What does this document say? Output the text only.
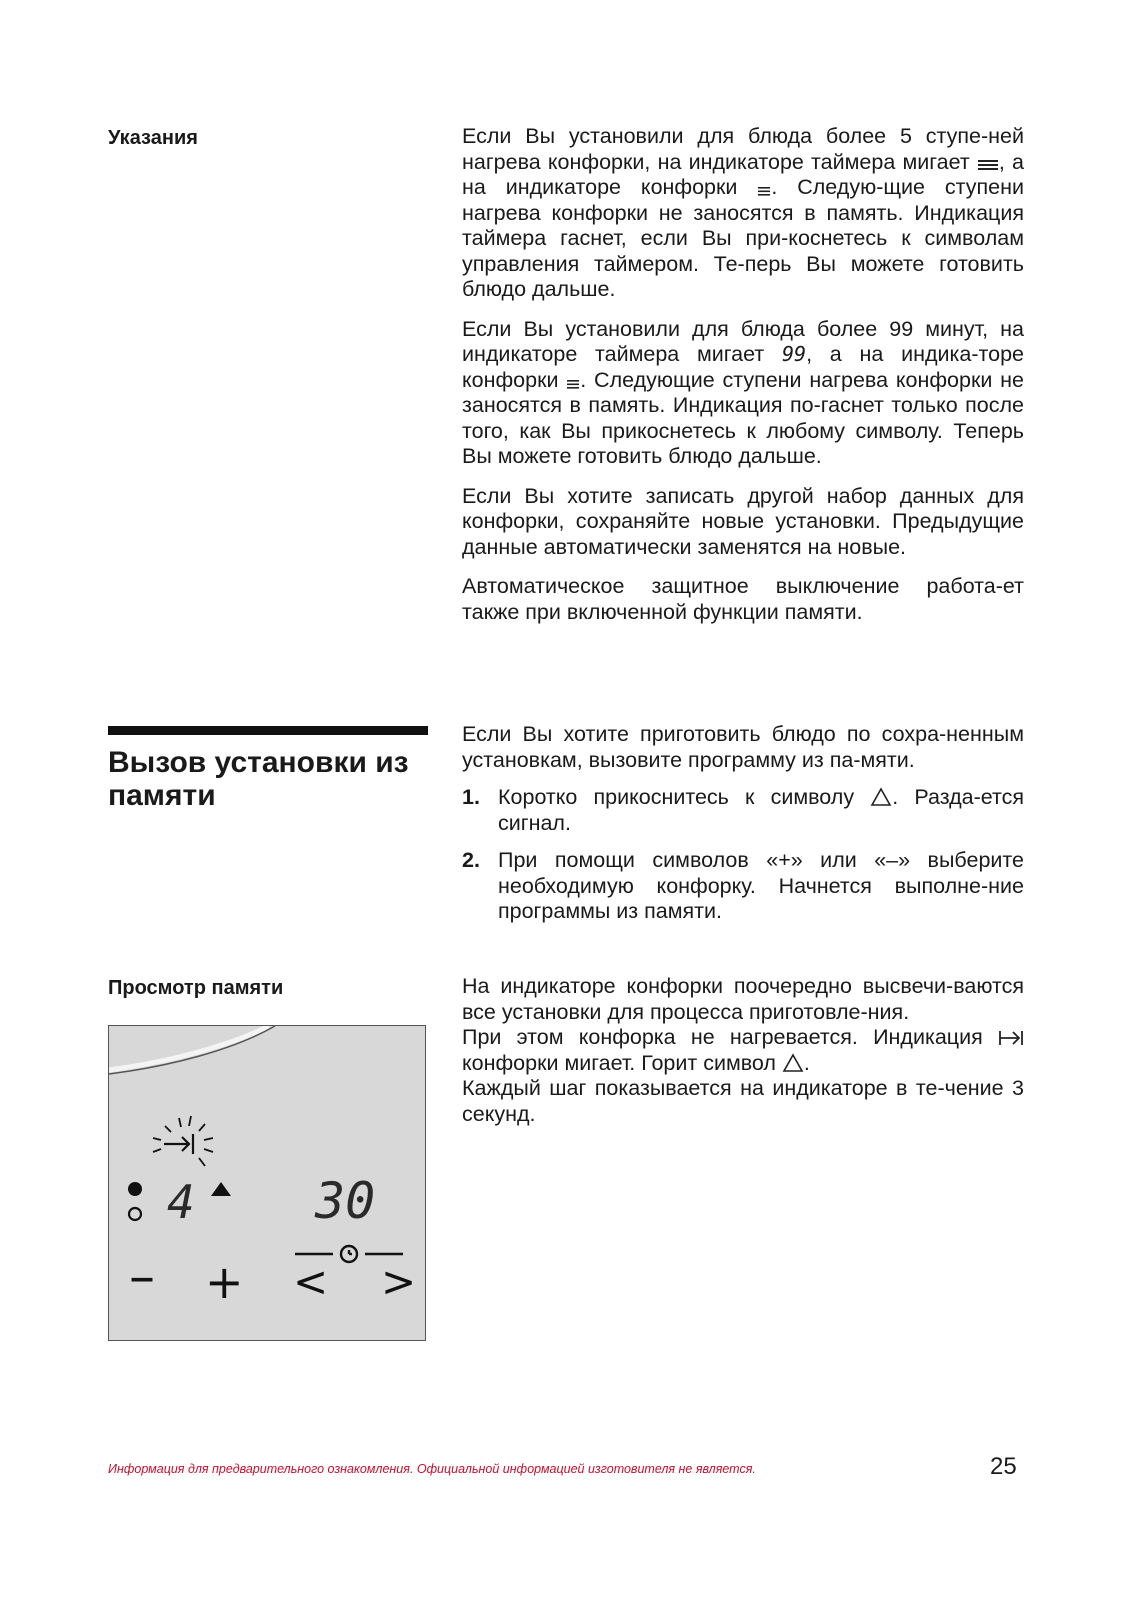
Указания	Если Вы установили для блюда более 5 ступе-ней нагрева конфорки, на индикаторе таймера мигает , а на индикаторе конфорки . Следую-щие ступени нагрева конфорки не заносятся в память. Индикация таймера гаснет, если Вы при-коснетесь к символам управления таймером. Те-перь Вы можете готовить блюдо дальше.

Если Вы установили для блюда более 99 минут, на индикаторе таймера мигает 99, а на индика-торе конфорки . Следующие ступени нагрева конфорки не заносятся в память. Индикация по-гаснет только после того, как Вы прикоснетесь к любому символу. Теперь Вы можете готовить блюдо дальше.

Если Вы хотите записать другой набор данных для конфорки, сохраняйте новые установки. Предыдущие данные автоматически заменятся на новые.

Автоматическое защитное выключение работа-ет также при включенной функции памяти.

Вызов установки из памяти

Если Вы хотите приготовить блюдо по сохра-ненным установкам, вызовите программу из па-мяти.

1. Коротко прикоснитесь к символу . Разда-ется сигнал.

2. При помощи символов «+» или «–» выберите необходимую конфорку. Начнется выполне-ние программы из памяти.

Просмотр памяти	На индикаторе конфорки поочередно высвечи-ваются все установки для процесса приготовле-ния.

При этом конфорка не нагревается. Индикация  конфорки мигает. Горит символ .

Каждый шаг показывается на индикаторе в те-чение 3 секунд.

4 30
– + < >
Информация для предварительного ознакомления. Официальной информацией изготовителя не является.	25
